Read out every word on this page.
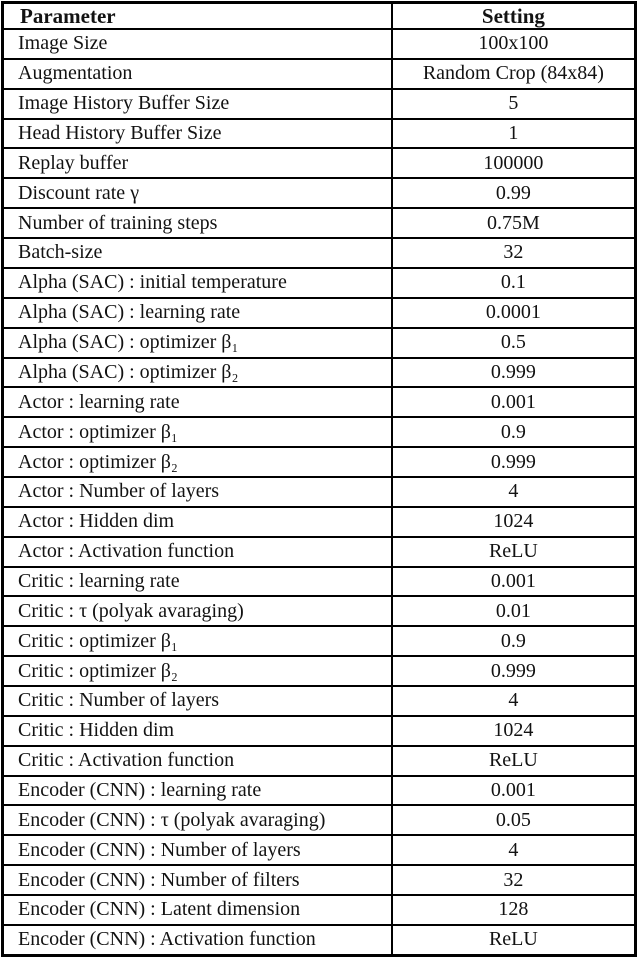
Parameter	Setting
Image Size	100x100
Augmentation	Random Crop (84x84)
Image History Buffer Size	5
Head History Buffer Size	1
Replay buffer	100000
Discount rate γ	0.99
Number of training steps	0.75M
Batch-size	32
Alpha (SAC) : initial temperature	0.1
Alpha (SAC) : learning rate	0.0001
Alpha (SAC) : optimizer β₁	0.5
Alpha (SAC) : optimizer β₂	0.999
Actor : learning rate	0.001
Actor : optimizer β₁	0.9
Actor : optimizer β₂	0.999
Actor : Number of layers	4
Actor : Hidden dim	1024
Actor : Activation function	ReLU
Critic : learning rate	0.001
Critic : τ (polyak avaraging)	0.01
Critic : optimizer β₁	0.9
Critic : optimizer β₂	0.999
Critic : Number of layers	4
Critic : Hidden dim	1024
Critic : Activation function	ReLU
Encoder (CNN) : learning rate	0.001
Encoder (CNN) : τ (polyak avaraging)	0.05
Encoder (CNN) : Number of layers	4
Encoder (CNN) : Number of filters	32
Encoder (CNN) : Latent dimension	128
Encoder (CNN) : Activation function	ReLU
